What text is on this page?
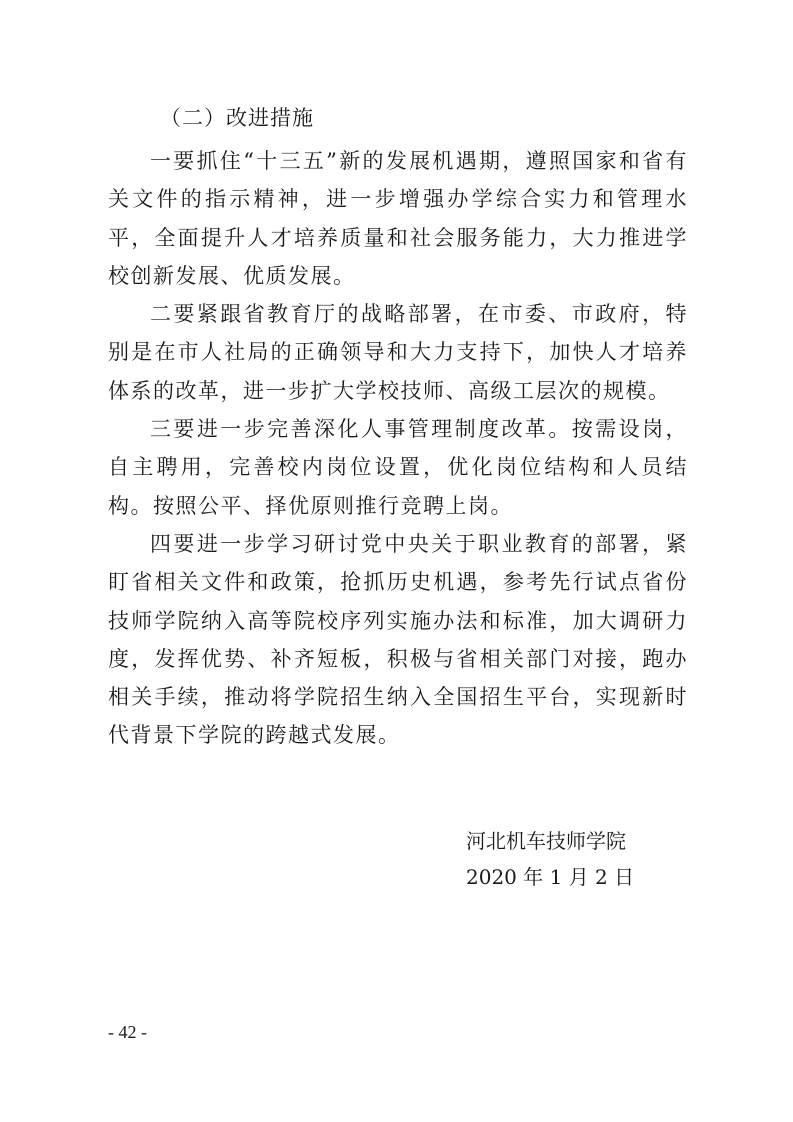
（二）改进措施

一要抓住“十三五”新的发展机遇期，遵照国家和省有关文件的指示精神，进一步增强办学综合实力和管理水平，全面提升人才培养质量和社会服务能力，大力推进学校创新发展、优质发展。

二要紧跟省教育厅的战略部署，在市委、市政府，特别是在市人社局的正确领导和大力支持下，加快人才培养体系的改革，进一步扩大学校技师、高级工层次的规模。

三要进一步完善深化人事管理制度改革。按需设岗，自主聘用，完善校内岗位设置，优化岗位结构和人员结构。按照公平、择优原则推行竞聘上岗。

四要进一步学习研讨党中央关于职业教育的部署，紧盯省相关文件和政策，抢抓历史机遇，参考先行试点省份技师学院纳入高等院校序列实施办法和标准，加大调研力度，发挥优势、补齐短板，积极与省相关部门对接，跑办相关手续，推动将学院招生纳入全国招生平台，实现新时代背景下学院的跨越式发展。

河北机车技师学院
2020 年 1 月 2 日
- 42 -
